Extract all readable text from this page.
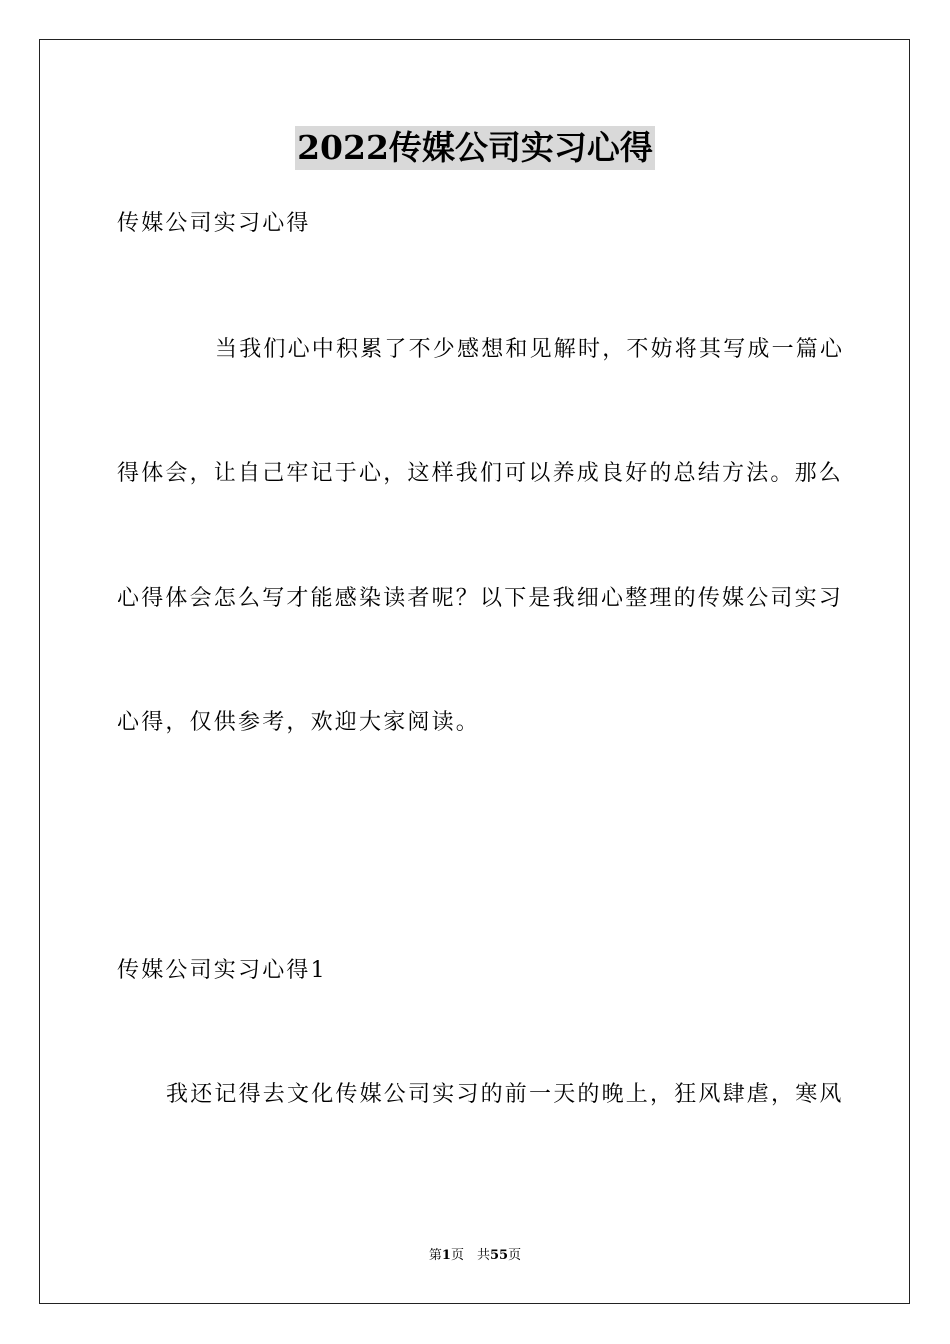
2022传媒公司实习心得
传媒公司实习心得
当我们心中积累了不少感想和见解时，不妨将其写成一篇心
得体会，让自己牢记于心，这样我们可以养成良好的总结方法。那么
心得体会怎么写才能感染读者呢？以下是我细心整理的传媒公司实习
心得，仅供参考，欢迎大家阅读。
传媒公司实习心得1
我还记得去文化传媒公司实习的前一天的晚上，狂风肆虐，寒风
第1页　共55页
